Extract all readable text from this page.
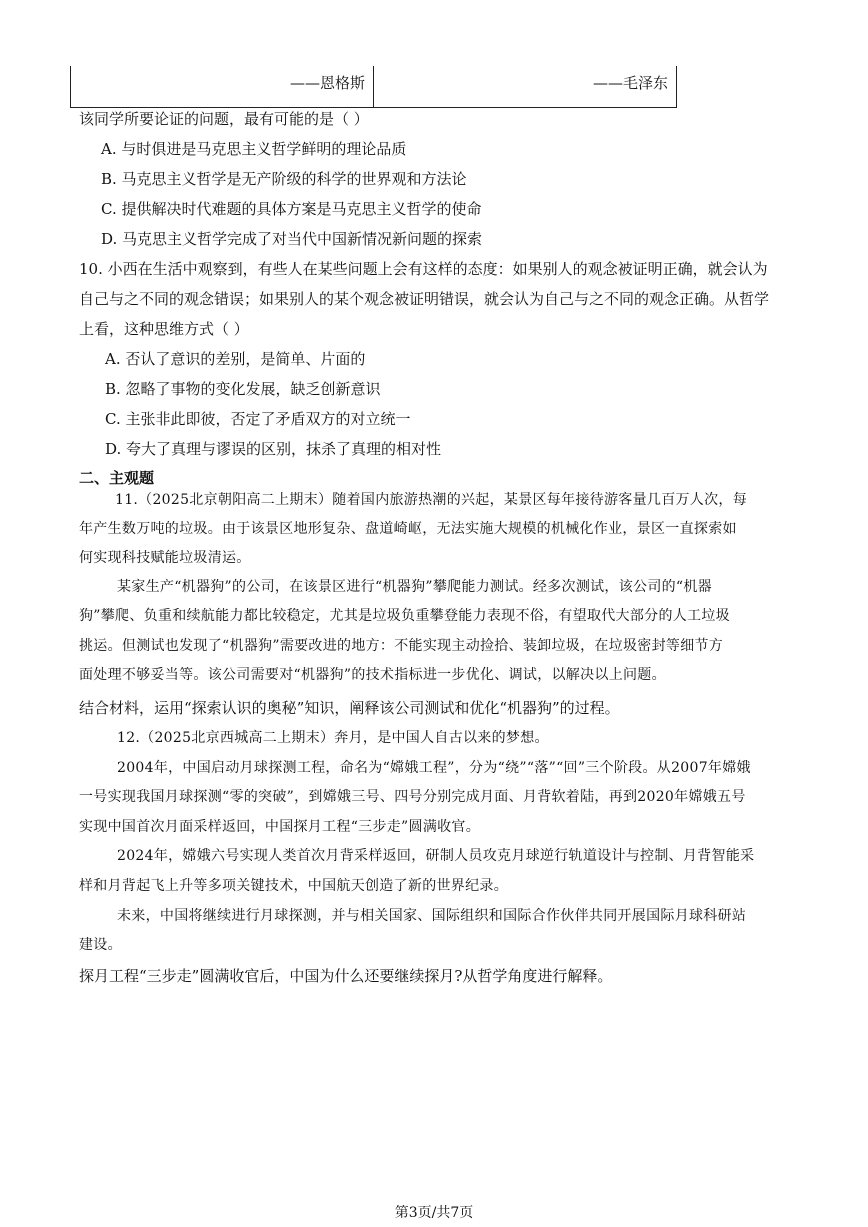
——恩格斯	——毛泽东
该同学所要论证的问题，最有可能的是（ ）
A. 与时俱进是马克思主义哲学鲜明的理论品质
B. 马克思主义哲学是无产阶级的科学的世界观和方法论
C. 提供解决时代难题的具体方案是马克思主义哲学的使命
D. 马克思主义哲学完成了对当代中国新情况新问题的探索
10. 小西在生活中观察到，有些人在某些问题上会有这样的态度：如果别人的观念被证明正确，就会认为
自己与之不同的观念错误；如果别人的某个观念被证明错误，就会认为自己与之不同的观念正确。从哲学
上看，这种思维方式（ ）
A. 否认了意识的差别，是简单、片面的
B. 忽略了事物的变化发展，缺乏创新意识
C. 主张非此即彼，否定了矛盾双方的对立统一
D. 夸大了真理与谬误的区别，抹杀了真理的相对性
二、主观题
11.（2025北京朝阳高二上期末）随着国内旅游热潮的兴起，某景区每年接待游客量几百万人次，每
年产生数万吨的垃圾。由于该景区地形复杂、盘道崎岖，无法实施大规模的机械化作业，景区一直探索如
何实现科技赋能垃圾清运。
某家生产“机器狗”的公司，在该景区进行“机器狗”攀爬能力测试。经多次测试，该公司的“机器
狗”攀爬、负重和续航能力都比较稳定，尤其是垃圾负重攀登能力表现不俗，有望取代大部分的人工垃圾
挑运。但测试也发现了“机器狗”需要改进的地方：不能实现主动捡拾、装卸垃圾，在垃圾密封等细节方
面处理不够妥当等。该公司需要对“机器狗”的技术指标进一步优化、调试，以解决以上问题。
结合材料，运用“探索认识的奥秘”知识，阐释该公司测试和优化“机器狗”的过程。
12.（2025北京西城高二上期末）奔月，是中国人自古以来的梦想。
2004年，中国启动月球探测工程，命名为“嫦娥工程”，分为“绕”“落”“回”三个阶段。从2007年嫦娥
一号实现我国月球探测“零的突破”，到嫦娥三号、四号分别完成月面、月背软着陆，再到2020年嫦娥五号
实现中国首次月面采样返回，中国探月工程“三步走”圆满收官。
2024年，嫦娥六号实现人类首次月背采样返回，研制人员攻克月球逆行轨道设计与控制、月背智能采
样和月背起飞上升等多项关键技术，中国航天创造了新的世界纪录。
未来，中国将继续进行月球探测，并与相关国家、国际组织和国际合作伙伴共同开展国际月球科研站
建设。
探月工程“三步走”圆满收官后，中国为什么还要继续探月?从哲学角度进行解释。
第3页/共7页
